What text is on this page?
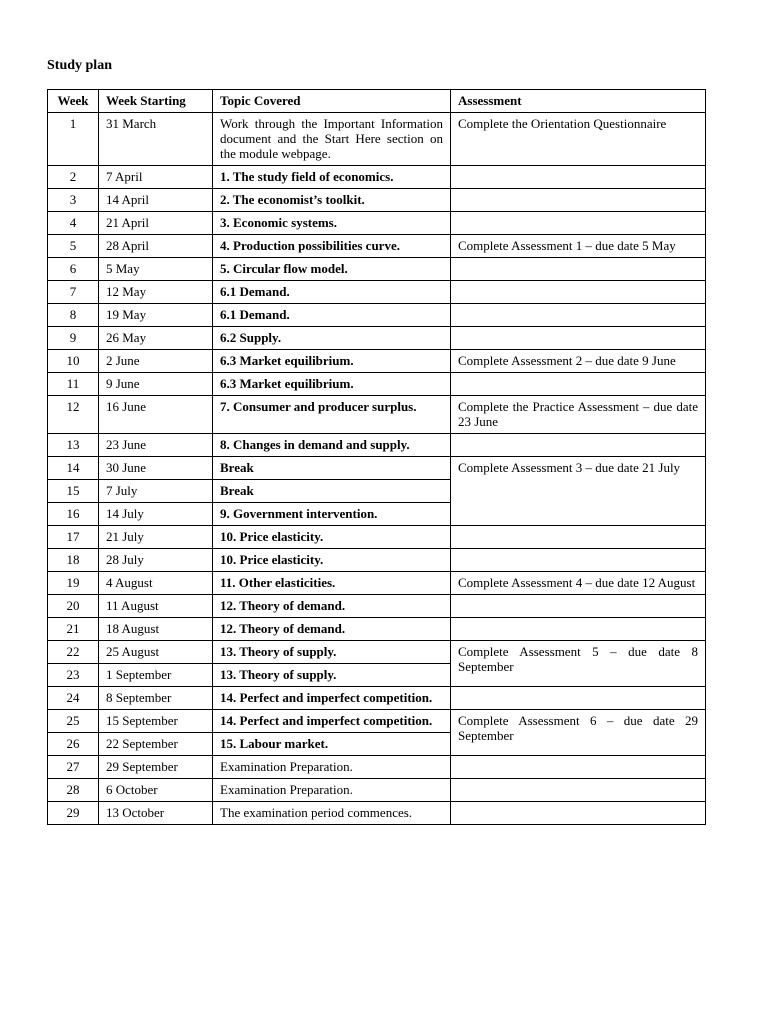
Study plan
Week	Week Starting	Topic Covered	Assessment
1	31 March	Work through the Important Information document and the Start Here section on the module webpage.	Complete the Orientation Questionnaire
2	7 April	1. The study field of economics.	
3	14 April	2. The economist’s toolkit.	
4	21 April	3. Economic systems.	
5	28 April	4. Production possibilities curve.	Complete Assessment 1 – due date 5 May
6	5 May	5. Circular flow model.	
7	12 May	6.1 Demand.	
8	19 May	6.1 Demand.	
9	26 May	6.2 Supply.	
10	2 June	6.3 Market equilibrium.	Complete Assessment 2 – due date 9 June
11	9 June	6.3 Market equilibrium.	
12	16 June	7. Consumer and producer surplus.	Complete the Practice Assessment – due date 23 June
13	23 June	8. Changes in demand and supply.	
14	30 June	Break	Complete Assessment 3 – due date 21 July
15	7 July	Break	
16	14 July	9. Government intervention.	
17	21 July	10. Price elasticity.	
18	28 July	10. Price elasticity.	
19	4 August	11. Other elasticities.	Complete Assessment 4 – due date 12 August
20	11 August	12. Theory of demand.	
21	18 August	12. Theory of demand.	
22	25 August	13. Theory of supply.	Complete Assessment 5 – due date 8 September
23	1 September	13. Theory of supply.	
24	8 September	14. Perfect and imperfect competition.	
25	15 September	14. Perfect and imperfect competition.	Complete Assessment 6 – due date 29 September
26	22 September	15. Labour market.	
27	29 September	Examination Preparation.	
28	6 October	Examination Preparation.	
29	13 October	The examination period commences.	
